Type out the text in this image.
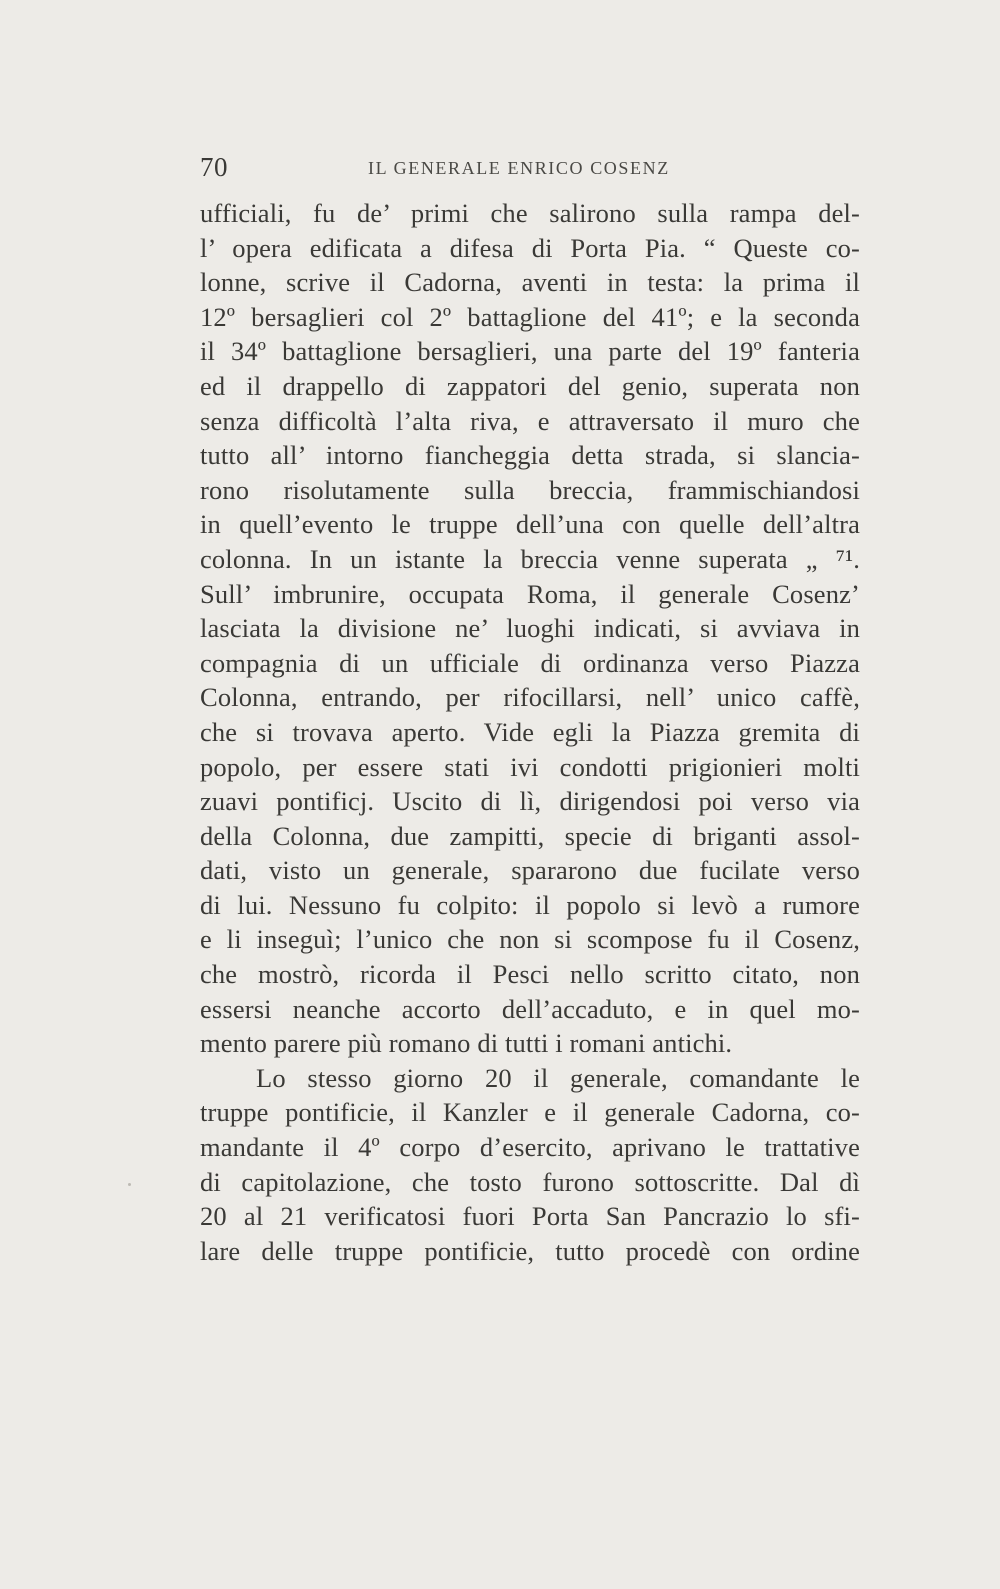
70	IL GENERALE ENRICO COSENZ
ufficiali, fu de’ primi che salirono sulla rampa del-
l’ opera edificata a difesa di Porta Pia. “ Queste co-
lonne, scrive il Cadorna, aventi in testa: la prima il
12º bersaglieri col 2º battaglione del 41º; e la seconda
il 34º battaglione bersaglieri, una parte del 19º fanteria
ed il drappello di zappatori del genio, superata non
senza difficoltà l’alta riva, e attraversato il muro che
tutto all’ intorno fiancheggia detta strada, si slancia-
rono risolutamente sulla breccia, frammischiandosi
in quell’evento le truppe dell’una con quelle dell’altra
colonna. In un istante la breccia venne superata „ ⁷¹.
Sull’ imbrunire, occupata Roma, il generale Cosenz’
lasciata la divisione ne’ luoghi indicati, si avviava in
compagnia di un ufficiale di ordinanza verso Piazza
Colonna, entrando, per rifocillarsi, nell’ unico caffè,
che si trovava aperto. Vide egli la Piazza gremita di
popolo, per essere stati ivi condotti prigionieri molti
zuavi pontificj. Uscito di lì, dirigendosi poi verso via
della Colonna, due zampitti, specie di briganti assol-
dati, visto un generale, spararono due fucilate verso
di lui. Nessuno fu colpito: il popolo si levò a rumore
e li inseguì; l’unico che non si scompose fu il Cosenz,
che mostrò, ricorda il Pesci nello scritto citato, non
essersi neanche accorto dell’accaduto, e in quel mo-
mento parere più romano di tutti i romani antichi.
Lo stesso giorno 20 il generale, comandante le
truppe pontificie, il Kanzler e il generale Cadorna, co-
mandante il 4º corpo d’esercito, aprivano le trattative
di capitolazione, che tosto furono sottoscritte. Dal dì
20 al 21 verificatosi fuori Porta San Pancrazio lo sfi-
lare delle truppe pontificie, tutto procedè con ordine
